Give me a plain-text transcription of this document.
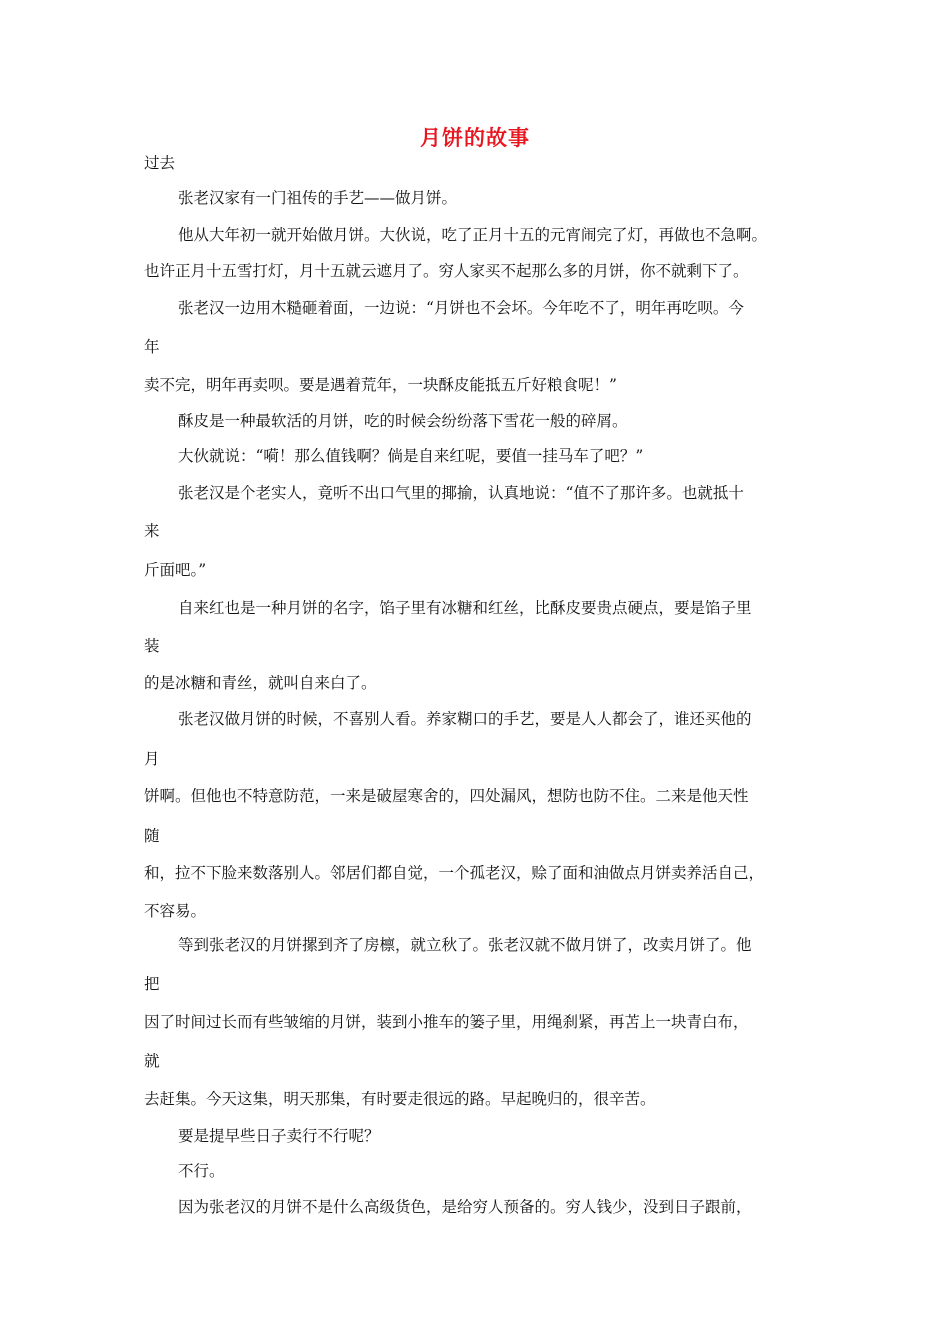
月饼的故事

过去

张老汉家有一门祖传的手艺——做月饼。

他从大年初一就开始做月饼。大伙说，吃了正月十五的元宵闹完了灯，再做也不急啊。

也许正月十五雪打灯，月十五就云遮月了。穷人家买不起那么多的月饼，你不就剩下了。

张老汉一边用木糙砸着面，一边说：“月饼也不会坏。今年吃不了，明年再吃呗。今

年

卖不完，明年再卖呗。要是遇着荒年，一块酥皮能抵五斤好粮食呢！”

酥皮是一种最软活的月饼，吃的时候会纷纷落下雪花一般的碎屑。

大伙就说：“嗬！那么值钱啊？倘是自来红呢，要值一挂马车了吧？”

张老汉是个老实人，竟听不出口气里的揶揄，认真地说：“值不了那许多。也就抵十

来

斤面吧。”

自来红也是一种月饼的名字，馅子里有冰糖和红丝，比酥皮要贵点硬点，要是馅子里

装

的是冰糖和青丝，就叫自来白了。

张老汉做月饼的时候，不喜别人看。养家糊口的手艺，要是人人都会了，谁还买他的

月

饼啊。但他也不特意防范，一来是破屋寒舍的，四处漏风，想防也防不住。二来是他天性

随

和，拉不下脸来数落别人。邻居们都自觉，一个孤老汉，赊了面和油做点月饼卖养活自己，

不容易。

等到张老汉的月饼摞到齐了房檩，就立秋了。张老汉就不做月饼了，改卖月饼了。他

把

因了时间过长而有些皱缩的月饼，装到小推车的篓子里，用绳刹紧，再苫上一块青白布，

就

去赶集。今天这集，明天那集，有时要走很远的路。早起晚归的，很辛苦。

要是提早些日子卖行不行呢？

不行。

因为张老汉的月饼不是什么高级货色，是给穷人预备的。穷人钱少，没到日子跟前，
